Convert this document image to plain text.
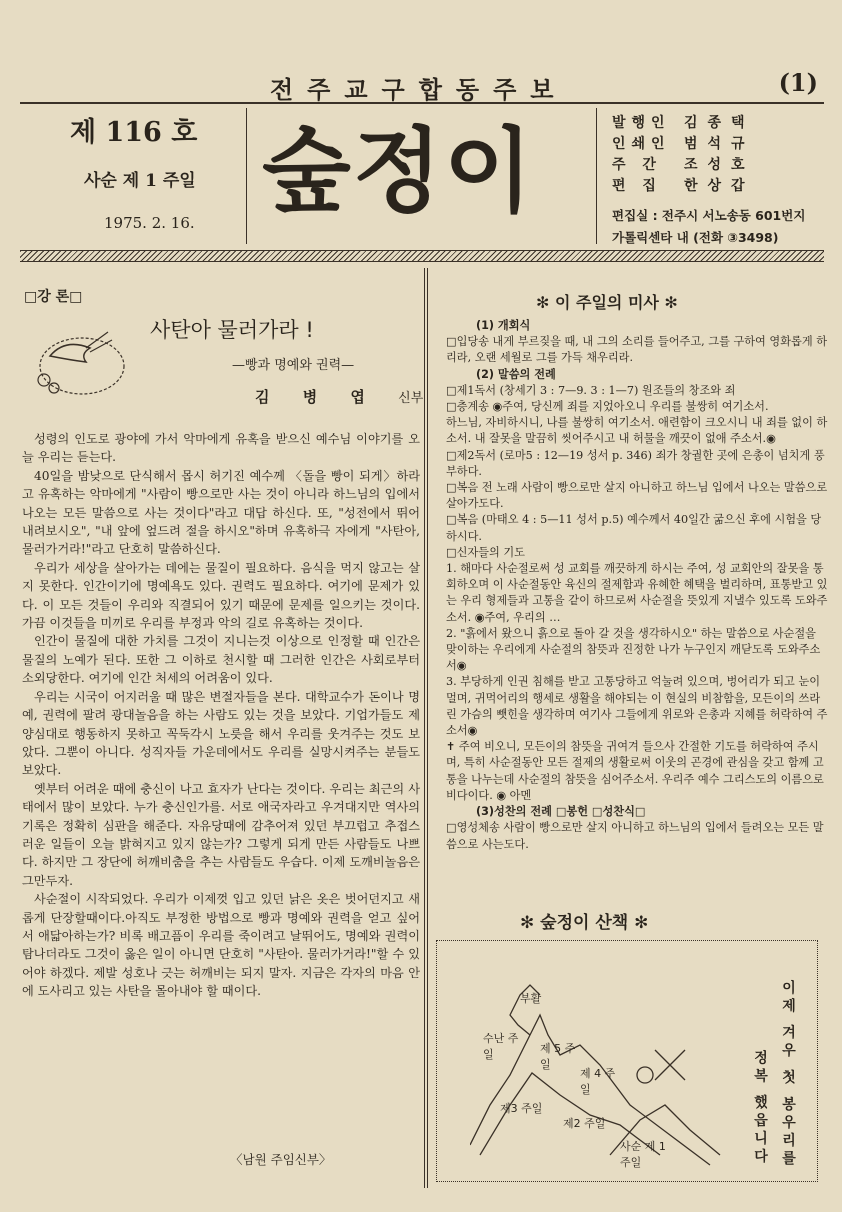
전주교구합동주보	(1)
제 116 호
사순 제 1 주일
1975. 2. 16. 숲정이	발행인 김종택
인쇄인 범석규
주 간	조성호
편 집	한상갑
편집실 : 전주시 서노송동 601번지
가톨릭센타 내 (전화 ③3498)
□강 론□
사탄아 물러가라 !
—빵과 명예와 권력—
김 병 엽 신부

성령의 인도로 광야에 가서 악마에게 유혹을 받으신 예수님 이야기를 오늘 우리는 듣는다.

40일을 밤낮으로 단식해서 몹시 허기진 예수께 〈돌을 빵이 되게〉하라고 유혹하는 악마에게 "사람이 빵으로만 사는 것이 아니라 하느님의 입에서 나오는 모든 말씀으로 사는 것이다"라고 대답 하신다. 또, "성전에서 뛰어 내려보시오", "내 앞에 엎드려 절을 하시오"하며 유혹하극 자에게 "사탄아, 물러가거라!"라고 단호히 말씀하신다.

우리가 세상을 살아가는 데에는 물질이 필요하다. 음식을 먹지 않고는 살지 못한다. 인간이기에 명예욕도 있다. 권력도 필요하다. 여기에 문제가 있다. 이 모든 것들이 우리와 직결되어 있기 때문에 문제를 일으키는 것이다. 가끔 이것들을 미끼로 우리를 부정과 악의 길로 유혹하는 것이다.

인간이 물질에 대한 가치를 그것이 지니는것 이상으로 인정할 때 인간은 물질의 노예가 된다. 또한 그 이하로 천시할 때 그러한 인간은 사회로부터 소외당한다. 여기에 인간 처세의 어려움이 있다.

우리는 시국이 어지러울 때 많은 변절자들을 본다. 대학교수가 돈이나 명예, 권력에 팔려 광대놀음을 하는 사람도 있는 것을 보았다. 기업가들도 제 양심대로 행동하지 못하고 꼭둑각시 노릇을 해서 우리를 웃겨주는 것도 보았다. 그뿐이 아니다. 성직자들 가운데에서도 우리를 실망시켜주는 분들도 보았다.

옛부터 어려운 때에 충신이 나고 효자가 난다는 것이다. 우리는 최근의 사태에서 많이 보았다. 누가 충신인가를. 서로 애국자라고 우겨대지만 역사의 기록은 정확히 심판을 해준다. 자유당때에 감추어져 있던 부끄럽고 추접스러운 일들이 오늘 밝혀지고 있지 않는가? 그렇게 되게 만든 사람들도 나쁘다. 하지만 그 장단에 허깨비춤을 추는 사람들도 우습다. 이제 도깨비놀음은 그만두자.

사순절이 시작되었다. 우리가 이제껏 입고 있던 낡은 옷은 벗어던지고 새롭게 단장할때이다.아직도 부정한 방법으로 빵과 명예와 권력을 얻고 싶어서 애닯아하는가? 비록 배고픔이 우리를 죽이려고 날뛰어도, 명예와 권력이 탐나더라도 그것이 옳은 일이 아니면 단호히 "사탄아. 물러가거라!"할 수 있어야 하겠다. 제발 성호나 긋는 허깨비는 되지 말자. 지금은 각자의 마음 안에 도사리고 있는 사탄을 몰아내야 할 때이다.

〈남원 주임신부〉
✻ 이 주일의 미사 ✻

(1) 개회식

□입당송 내게 부르짖을 때, 내 그의 소리를 들어주고, 그를 구하여 영화롭게 하리라, 오랜 세월로 그를 가득 채우리라.

(2) 말씀의 전례

□제1독서 (창세기 3 : 7—9. 3 : 1—7) 원조들의 창조와 죄

□층계송 ◉주여, 당신께 죄를 지었아오니 우리를 불쌍히 여기소서.

하느님, 자비하시니, 나를 불쌍히 여기소서. 애련함이 크오시니 내 죄를 없이 하소서. 내 잘못을 말끔히 씻어주시고 내 허물을 깨끗이 없애 주소서.◉

□제2독서 (로마5 : 12—19 성서 p. 346) 죄가 창궐한 곳에 은총이 넘치게 풍부하다.

□복음 전 노래 사람이 빵으로만 살지 아니하고 하느님 입에서 나오는 말씀으로 살아가도다.

□복음 (마태오 4 : 5—11 성서 p.5) 예수께서 40일간 굶으신 후에 시험을 당하시다.

□신자들의 기도

1. 해마다 사순절로써 성 교회를 깨끗하게 하시는 주여, 성 교회안의 잘못을 통회하오며 이 사순절동안 육신의 절제함과 유혜한 혜택을 벌리하며, 표통받고 있는 우리 형제들과 고통을 같이 하므로써 사순절을 뜻있게 지낼수 있도록 도와주소서. ◉주여, 우리의 …

2. "흙에서 왔으니 흙으로 돌아 갈 것을 생각하시오" 하는 말씀으로 사순절을 맞이하는 우리에게 사순절의 참뜻과 진정한 나가 누구인지 깨닫도록 도와주소서◉

3. 부당하게 인권 침해를 받고 고통당하고 억눌려 있으며, 벙어리가 되고 눈이 멀며, 귀먹어리의 행세로 생활을 해야되는 이 현실의 비참함을, 모든이의 쓰라린 가슴의 뺏힌을 생각하며 여기사 그들에게 위로와 은총과 지혜를 허락하여 주소서◉

✝ 주여 비오니, 모든이의 참뜻을 귀여겨 들으사 간절한 기도를 허락하여 주시며, 특히 사순절동안 모든 절제의 생활로써 이웃의 곤경에 관심을 갖고 함께 고통을 나누는데 사순절의 참뜻을 심어주소서. 우리주 예수 그리스도의 이름으로 비다이다. ◉ 아멘

(3)성찬의 전례 □봉헌 □성찬식□

□영성체송 사람이 빵으로만 살지 아니하고 하느님의 입에서 들려오는 모든 말씀으로 사는도다.

✻ 숲정이 산책 ✻
부활
수난 주일	제 5 주일
제 4 주일
제3 주일
제2 주일
사순 제 1 주일	이제 겨우 첫 봉우리를
정복 했읍니다
